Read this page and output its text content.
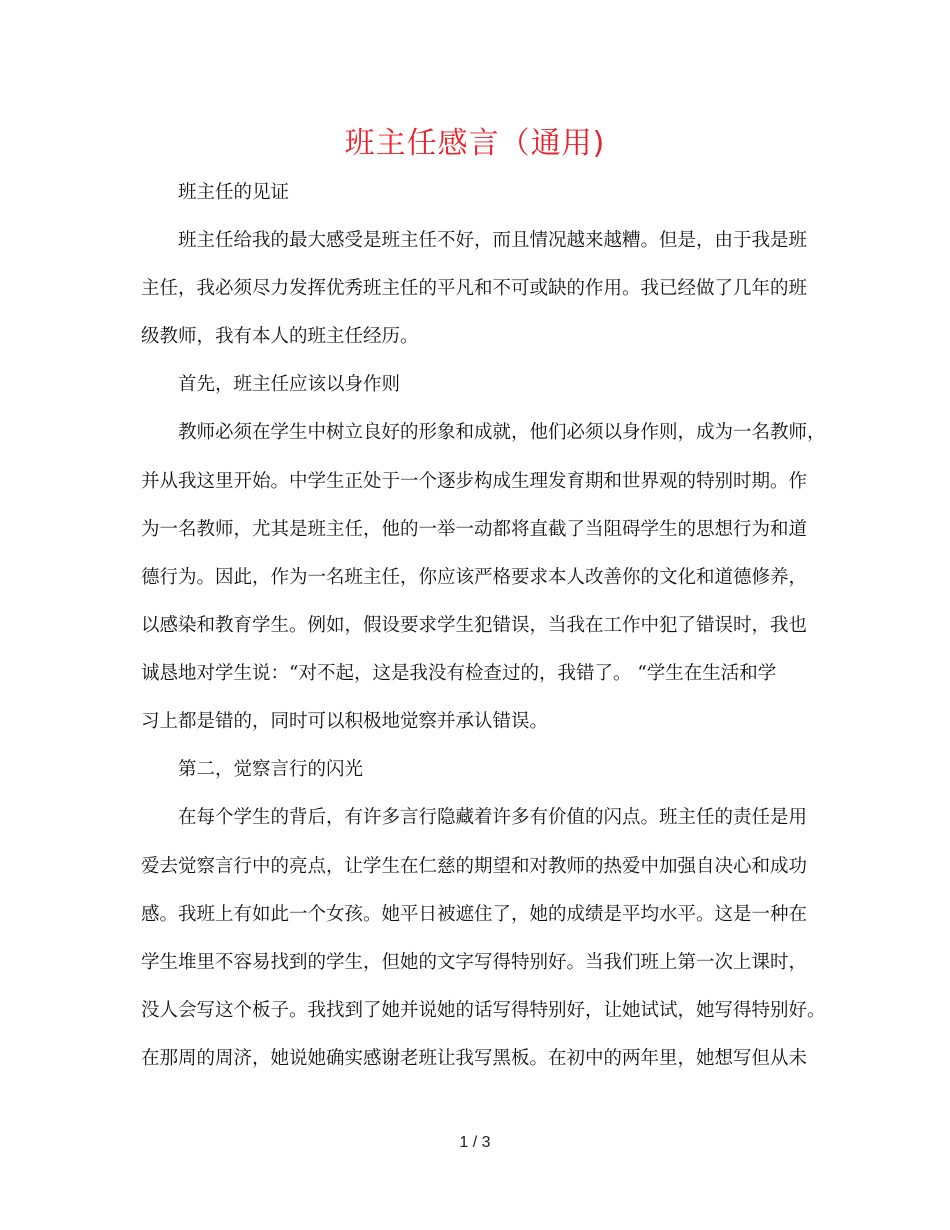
班主任感言（通用)
班主任的见证
班主任给我的最大感受是班主任不好，而且情况越来越糟。但是，由于我是班
主任，我必须尽力发挥优秀班主任的平凡和不可或缺的作用。我已经做了几年的班
级教师，我有本人的班主任经历。
首先，班主任应该以身作则
教师必须在学生中树立良好的形象和成就，他们必须以身作则，成为一名教师，
并从我这里开始。中学生正处于一个逐步构成生理发育期和世界观的特别时期。作
为一名教师，尤其是班主任，他的一举一动都将直截了当阻碍学生的思想行为和道
德行为。因此，作为一名班主任，你应该严格要求本人改善你的文化和道德修养，
以感染和教育学生。例如，假设要求学生犯错误，当我在工作中犯了错误时，我也
诚恳地对学生说：“对不起，这是我没有检查过的，我错了。 “学生在生活和学
习上都是错的，同时可以积极地觉察并承认错误。
第二，觉察言行的闪光
在每个学生的背后，有许多言行隐藏着许多有价值的闪点。班主任的责任是用
爱去觉察言行中的亮点，让学生在仁慈的期望和对教师的热爱中加强自决心和成功
感。我班上有如此一个女孩。她平日被遮住了，她的成绩是平均水平。这是一种在
学生堆里不容易找到的学生，但她的文字写得特别好。当我们班上第一次上课时，
没人会写这个板子。我找到了她并说她的话写得特别好，让她试试，她写得特别好。
在那周的周济，她说她确实感谢老班让我写黑板。在初中的两年里，她想写但从未
1 / 3
